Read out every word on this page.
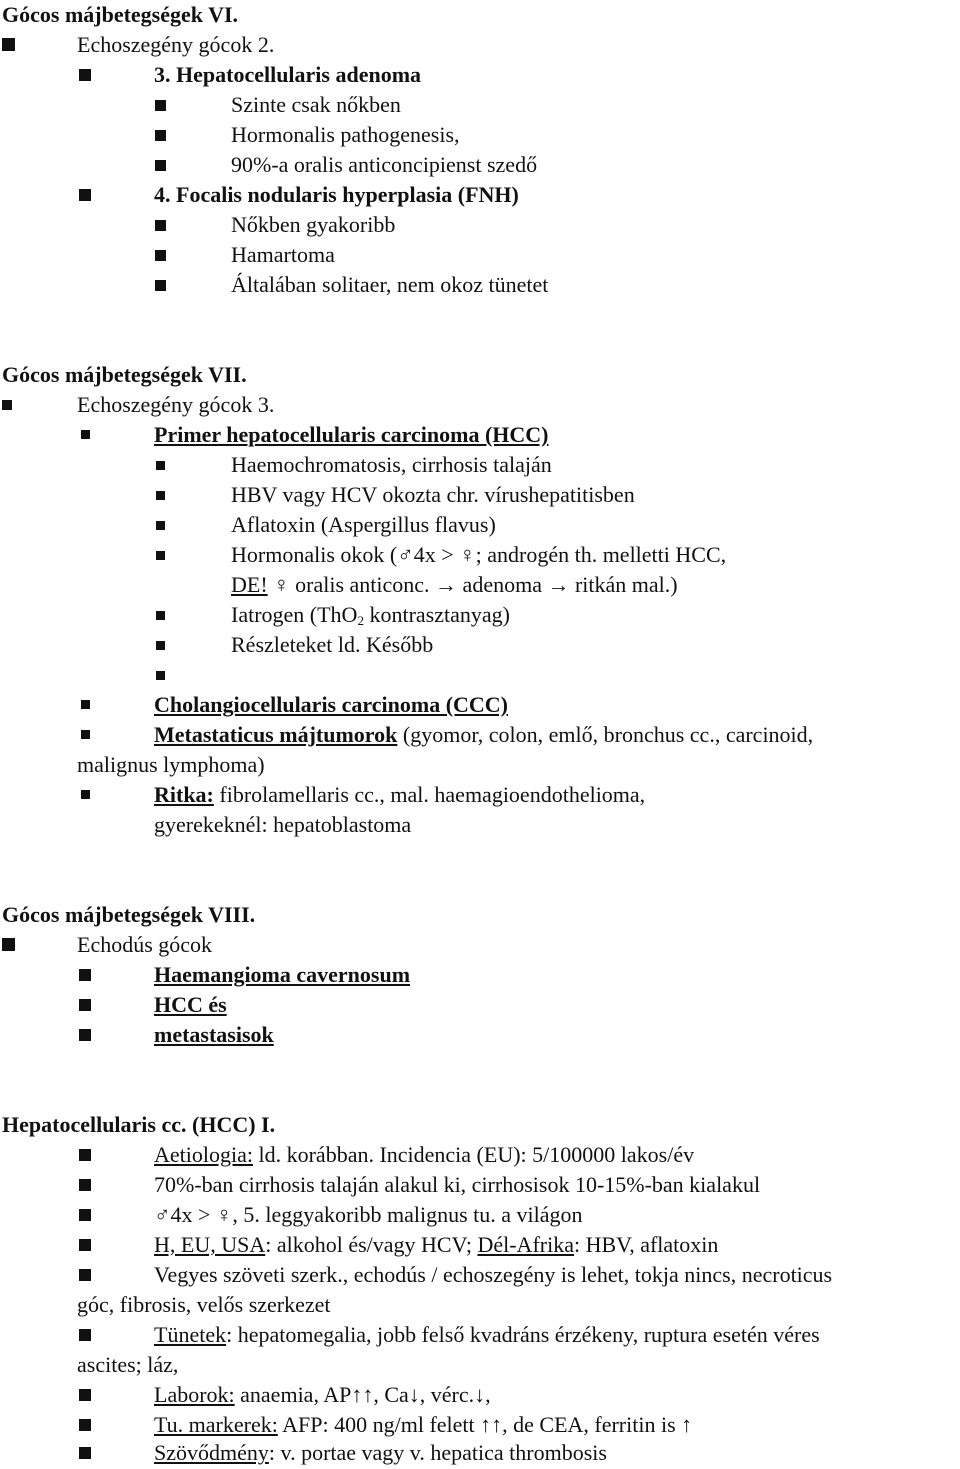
Gócos májbetegségek VI.
Echoszegény gócok 2.
3. Hepatocellularis adenoma
Szinte csak nőkben
Hormonalis pathogenesis,
90%-a oralis anticoncipienst szedő
4. Focalis nodularis hyperplasia (FNH)
Nőkben gyakoribb
Hamartoma
Általában solitaer, nem okoz tünetet
Gócos májbetegségek VII.
Echoszegény gócok 3.
Primer hepatocellularis carcinoma (HCC)
Haemochromatosis, cirrhosis talaján
HBV vagy HCV okozta chr. vírushepatitisben
Aflatoxin (Aspergillus flavus)
Hormonalis okok (♂4x > ♀; androgén th. melletti HCC,
DE! ♀ oralis anticonc. → adenoma → ritkán mal.)
Iatrogen (ThO$_2$ kontrasztanyag)
Részleteket ld. Később
Cholangiocellularis carcinoma (CCC)
Metastaticus májtumorok (gyomor, colon, emlő, bronchus cc., carcinoid,
malignus lymphoma)
Ritka: fibrolamellaris cc., mal. haemagioendothelioma,
gyerekeknél: hepatoblastoma
Gócos májbetegségek VIII.
Echodús gócok
Haemangioma cavernosum
HCC és
metastasisok
Hepatocellularis cc. (HCC) I.
Aetiologia: ld. korábban. Incidencia (EU): 5/100000 lakos/év
70%-ban cirrhosis talaján alakul ki, cirrhosisok 10-15%-ban kialakul
♂4x > ♀, 5. leggyakoribb malignus tu. a világon
H, EU, USA: alkohol és/vagy HCV; Dél-Afrika: HBV, aflatoxin
Vegyes szöveti szerk., echodús / echoszegény is lehet, tokja nincs, necroticus
góc, fibrosis, velős szerkezet
Tünetek: hepatomegalia, jobb felső kvadráns érzékeny, ruptura esetén véres
ascites; láz,
Laborok: anaemia, AP↑↑, Ca↓, vérc.↓,
Tu. markerek: AFP: 400 ng/ml felett ↑↑, de CEA, ferritin is ↑
Szövődmény: v. portae vagy v. hepatica thrombosis
